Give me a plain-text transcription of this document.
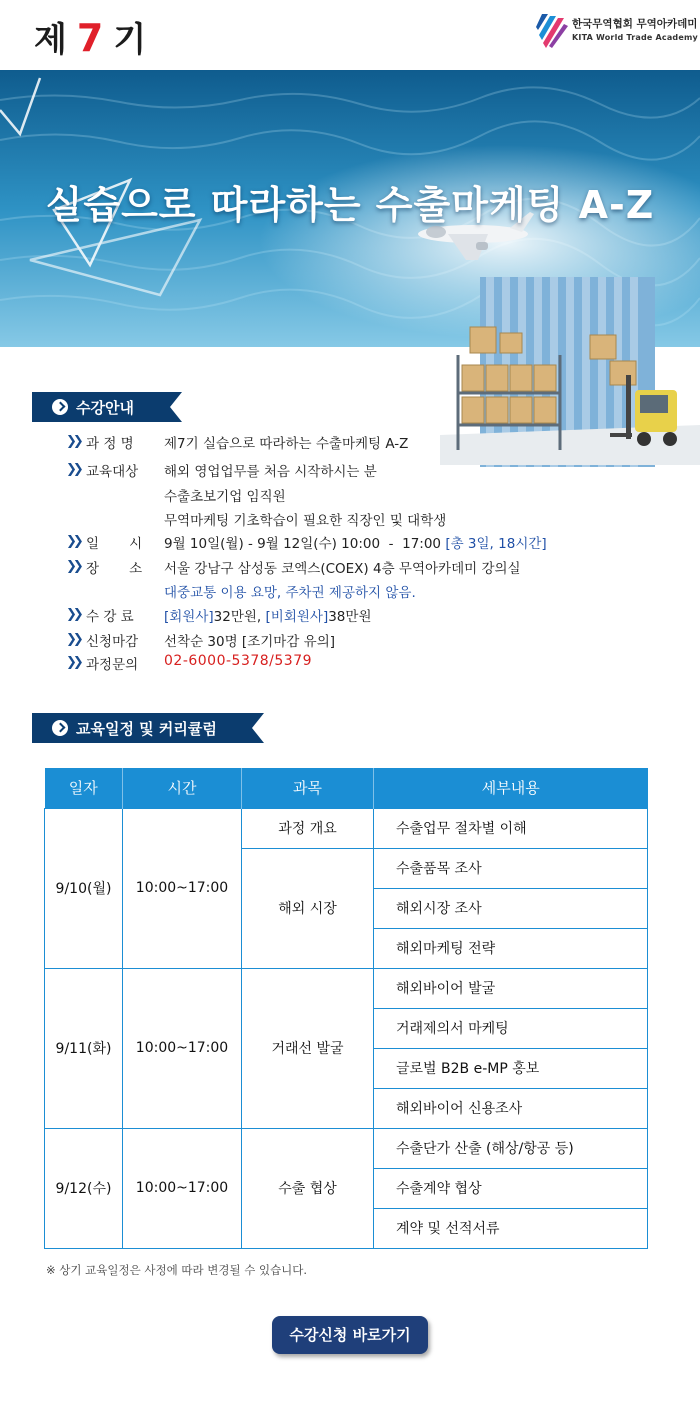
제 7 기	한국무역협회 무역아카데미
KITA World Trade Academy
실습으로 따라하는 수출마케팅 A-Z
수강안내
❯❯ 과 정 명	제7기 실습으로 따라하는 수출마케팅 A-Z
❯❯ 교육대상	해외 영업업무를 처음 시작하시는 분
수출초보기업 임직원
무역마케팅 기초학습이 필요한 직장인 및 대학생
❯❯ 일       시	9월 10일(월) - 9월 12일(수) 10:00  -  17:00 [총 3일, 18시간]
❯❯ 장       소	서울 강남구 삼성동 코엑스(COEX) 4층 무역아카데미 강의실
대중교통 이용 요망, 주차권 제공하지 않음.
❯❯ 수 강 료	[회원사]32만원, [비회원사]38만원
❯❯ 신청마감	선착순 30명 [조기마감 유의]
❯❯ 과정문의	02-6000-5378/5379
교육일정 및 커리큘럼
일자	시간	과목	세부내용
9/10(월)	10:00~17:00	과정 개요	수출업무 절차별 이해
		해외 시장	수출품목 조사
			해외시장 조사
			해외마케팅 전략
9/11(화)	10:00~17:00	거래선 발굴	해외바이어 발굴
			거래제의서 마케팅
			글로벌 B2B e-MP 홍보
			해외바이어 신용조사
9/12(수)	10:00~17:00	수출 협상	수출단가 산출 (해상/항공 등)
			수출계약 협상
			계약 및 선적서류
※ 상기 교육일정은 사정에 따라 변경될 수 있습니다.
수강신청 바로가기
